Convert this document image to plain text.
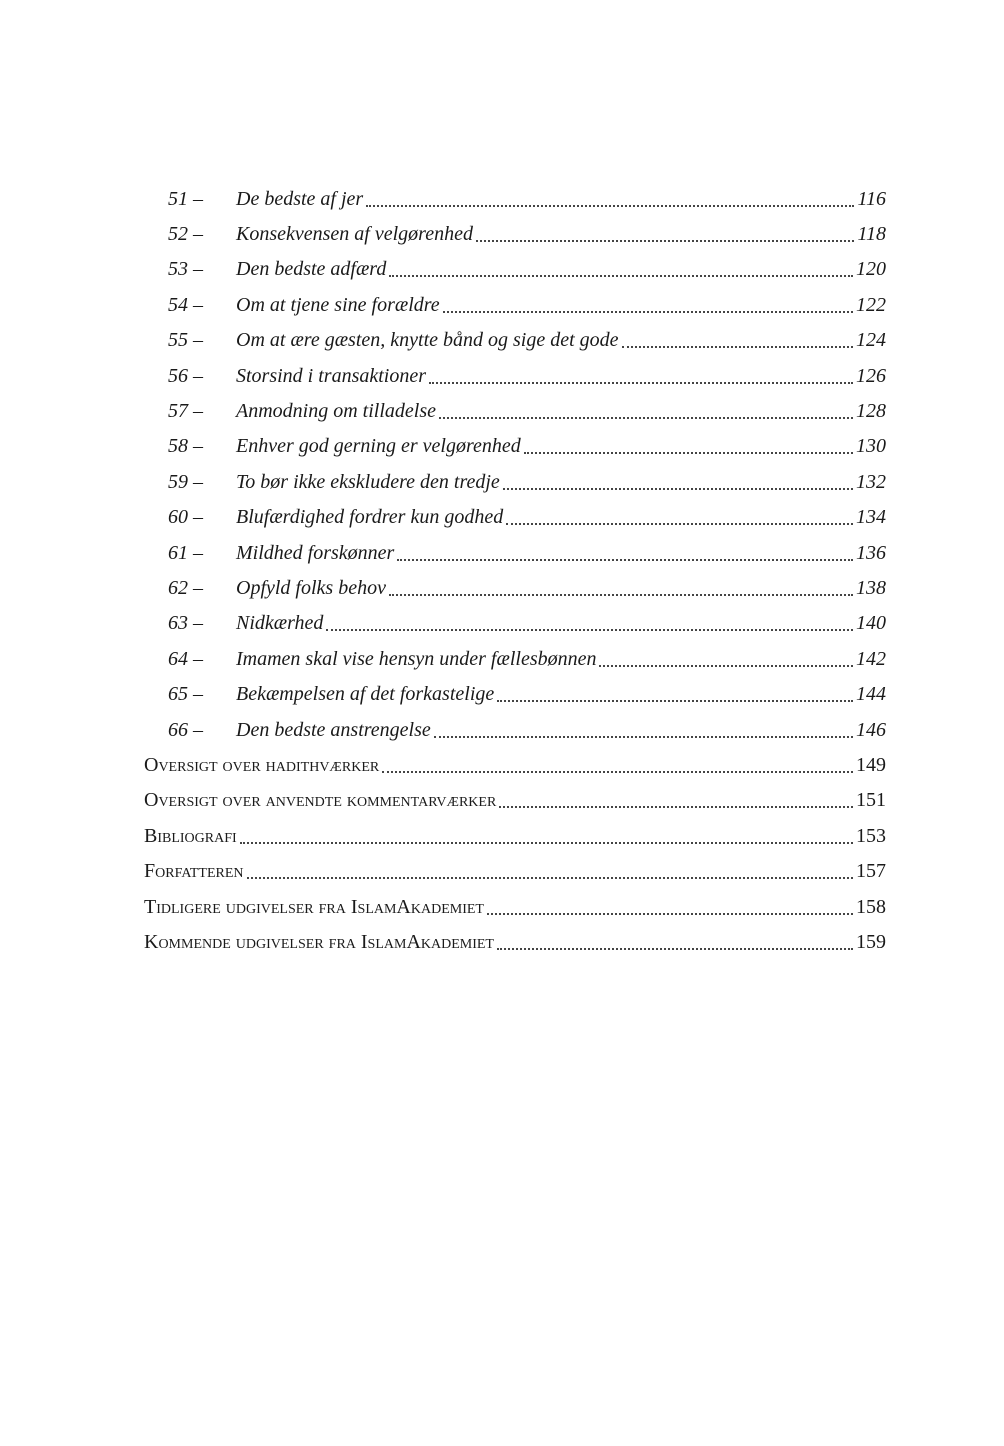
51 –	De bedste af jer	116
52 –	Konsekvensen af velgørenhed	118
53 –	Den bedste adfærd	120
54 –	Om at tjene sine forældre	122
55 –	Om at ære gæsten, knytte bånd og sige det gode	124
56 –	Storsind i transaktioner	126
57 –	Anmodning om tilladelse	128
58 –	Enhver god gerning er velgørenhed	130
59 –	To bør ikke ekskludere den tredje	132
60 –	Blufærdighed fordrer kun godhed	134
61 –	Mildhed forskønner	136
62 –	Opfyld folks behov	138
63 –	Nidkærhed	140
64 –	Imamen skal vise hensyn under fællesbønnen	142
65 –	Bekæmpelsen af det forkastelige	144
66 –	Den bedste anstrengelse	146
Oversigt over hadithværker	149
Oversigt over anvendte kommentarværker	151
Bibliografi	153
Forfatteren	157
Tidligere udgivelser fra IslamAkademiet	158
Kommende udgivelser fra IslamAkademiet	159
